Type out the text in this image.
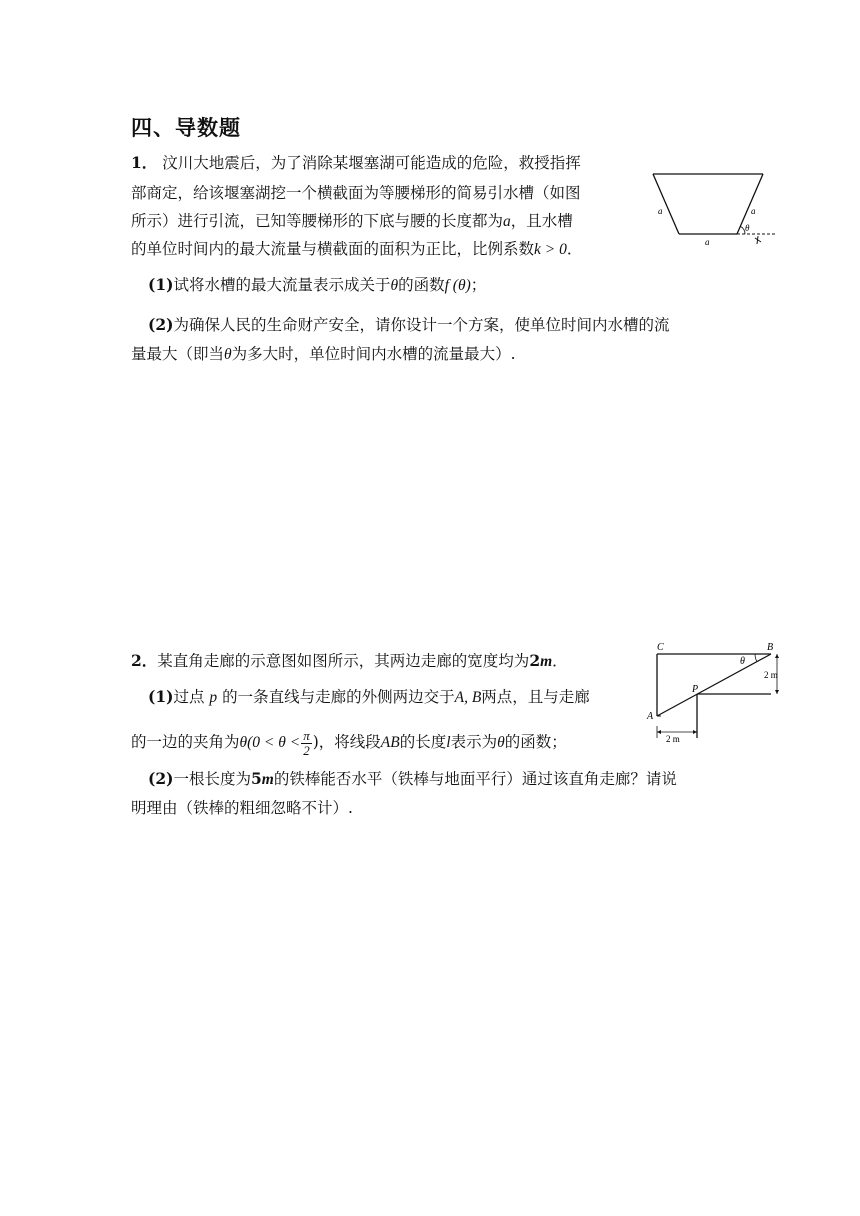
四、导数题
1． 汶川大地震后，为了消除某堰塞湖可能造成的危险，救授指挥
部商定，给该堰塞湖挖一个横截面为等腰梯形的简易引水槽（如图
所示）进行引流，已知等腰梯形的下底与腰的长度都为a，且水槽
的单位时间内的最大流量与横截面的面积为正比，比例系数k > 0．
(1)试将水槽的最大流量表示成关于θ的函数f (θ)；
(2)为确保人民的生命财产安全，请你设计一个方案，使单位时间内水槽的流
量最大（即当θ为多大时，单位时间内水槽的流量最大）.
a	a
a
θ
2．某直角走廊的示意图如图所示，其两边走廊的宽度均为2m．
(1)过点 p 的一条直线与走廊的外侧两边交于A, B两点，且与走廊
的一边的夹角为$\theta(0 < \theta < \frac{\pi}{2}$ )，将线段AB的长度l表示为θ的函数；
(2)一根长度为5m的铁棒能否水平（铁棒与地面平行）通过该直角走廊？请说
明理由（铁棒的粗细忽略不计）.
C	B
P
A
θ
2 m
2 m
